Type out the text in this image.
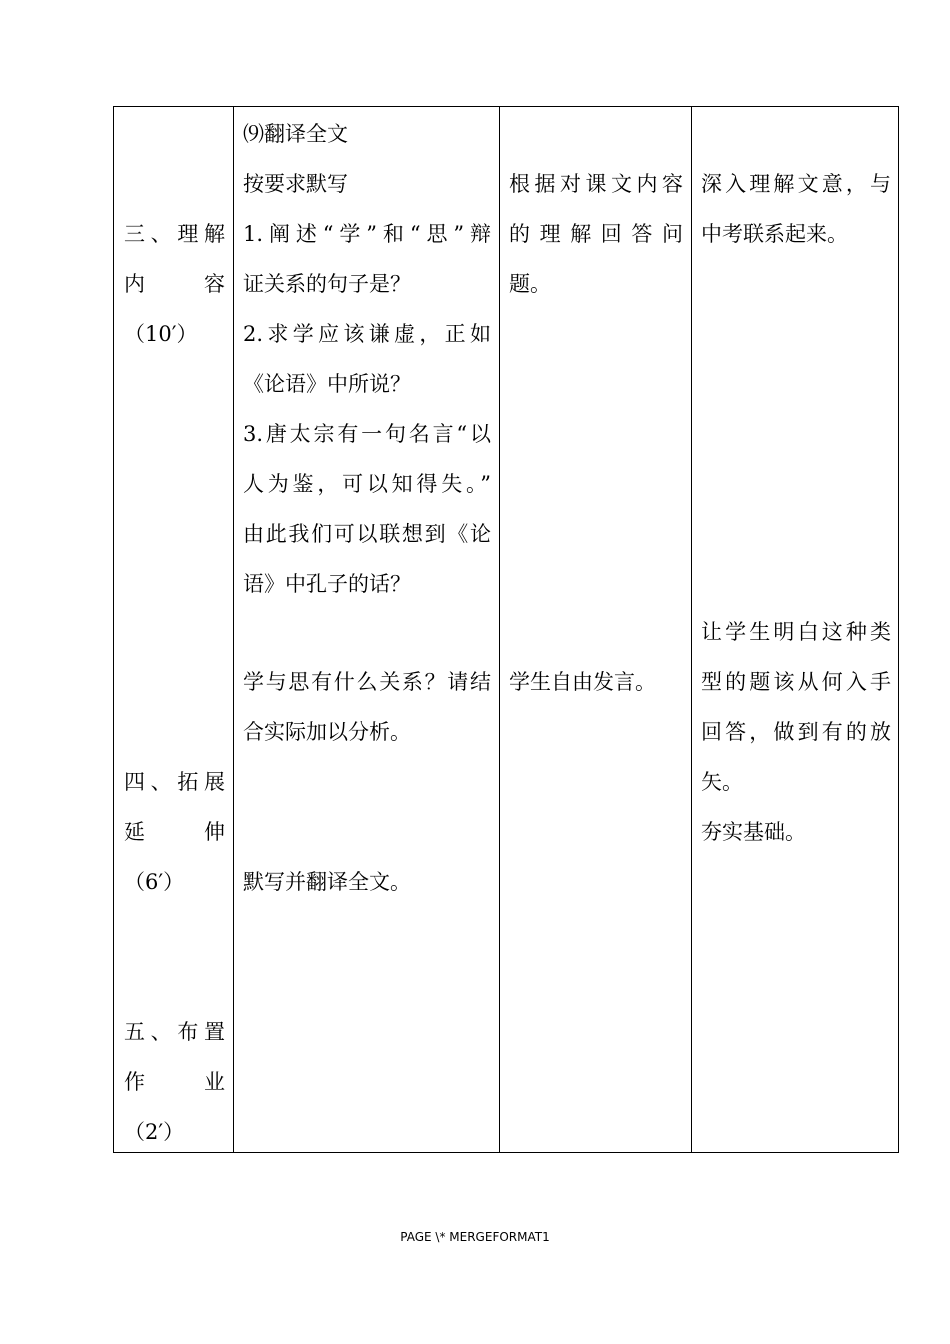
三、理解
内　　容
（10′）
四、拓展
延　　伸
（6′）
五、布置
作　　业
（2′）
⑼翻译全文
按要求默写
1.阐述“学”和“思”辩
证关系的句子是？
2.求学应该谦虚，正如
《论语》中所说？
3.唐太宗有一句名言“以
人为鉴，可以知得失。”
由此我们可以联想到《论
语》中孔子的话？
学与思有什么关系？请结
合实际加以分析。
默写并翻译全文。
根据对课文内容
的理解回答问
题。
学生自由发言。
深入理解文意，与
中考联系起来。
让学生明白这种类
型的题该从何入手
回答，做到有的放
矢。
夯实基础。
PAGE \* MERGEFORMAT1
